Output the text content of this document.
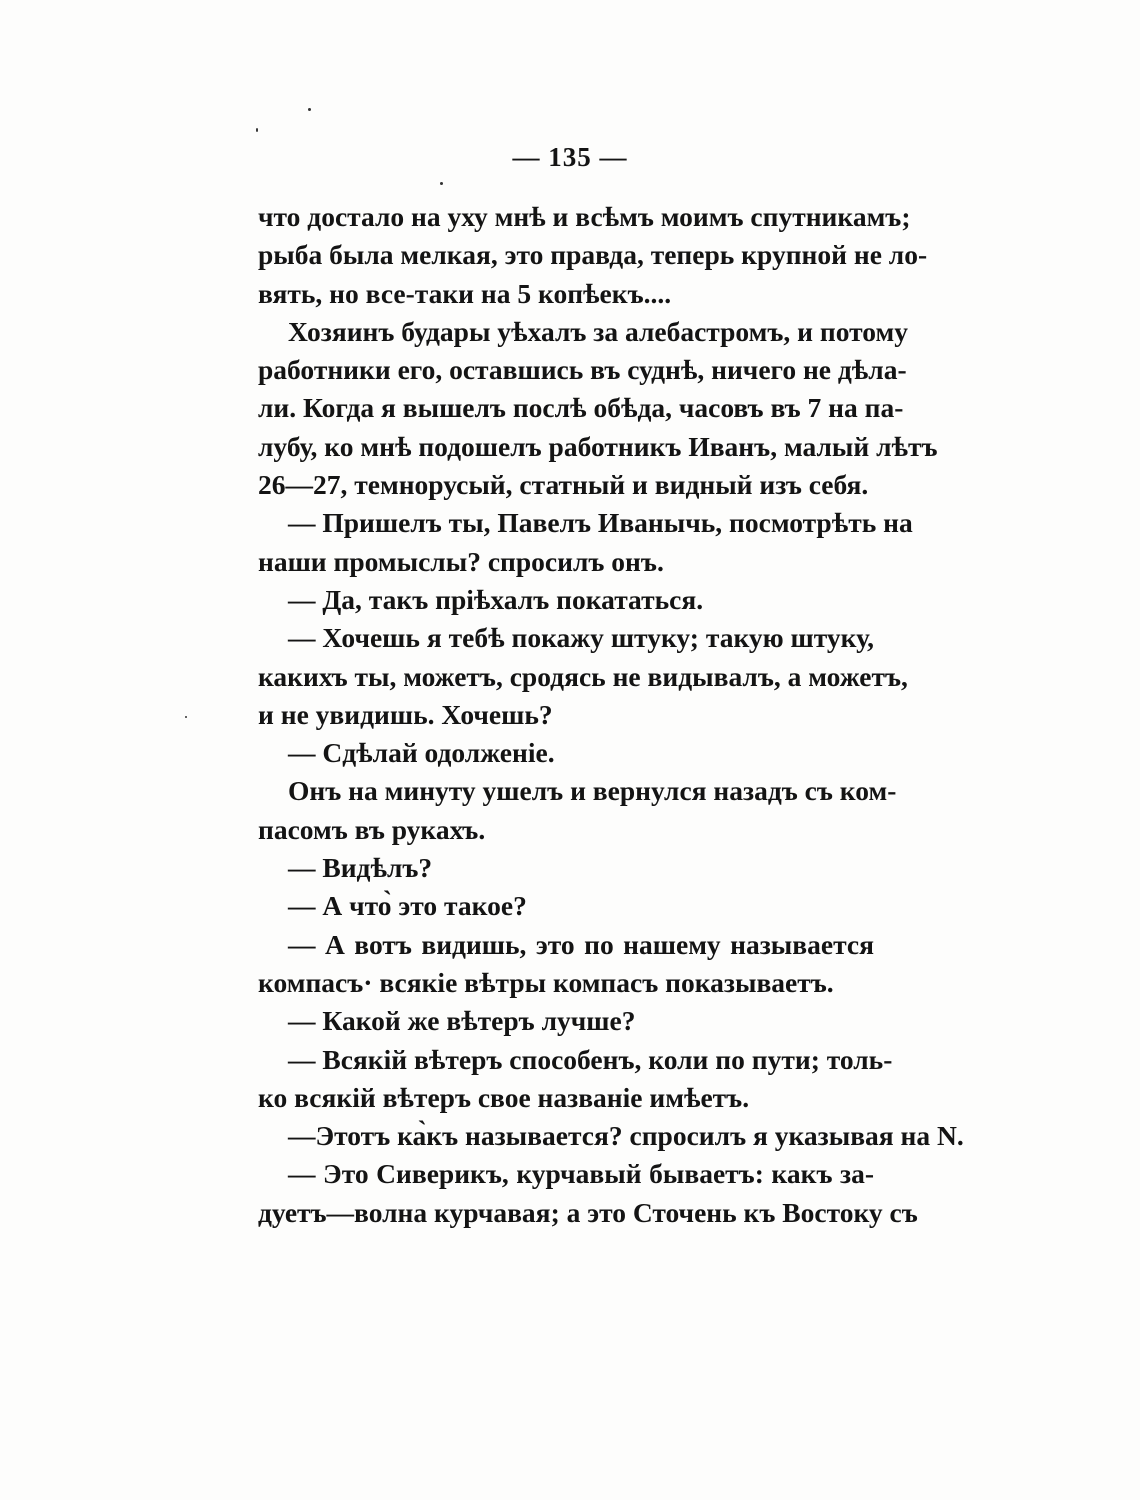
— 135 —
что достало на уху мнѣ и всѣмъ моимъ спутникамъ;
рыба была мелкая, это правда, теперь крупной не ло-
вять, но все-таки на 5 копѣекъ....
Хозяинъ будары уѣхалъ за алебастромъ, и потому
работники его, оставшись въ суднѣ, ничего не дѣла-
ли. Когда я вышелъ послѣ обѣда, часовъ въ 7 на па-
лубу, ко мнѣ подошелъ работникъ Иванъ, малый лѣтъ
26—27, темнорусый, статный и видный изъ себя.
— Пришелъ ты, Павелъ Иванычь, посмотрѣть на
наши промыслы? спросилъ онъ.
— Да, такъ пріѣхалъ покататься.
— Хочешь я тебѣ покажу штуку; такую штуку,
какихъ ты, можетъ, сродясь не видывалъ, а можетъ,
и не увидишь. Хочешь?
— Сдѣлай одолженіе.
Онъ на минуту ушелъ и вернулся назадъ съ ком-
пасомъ въ рукахъ.
— Видѣлъ?
— А что̀ это такое?
— А вотъ видишь, это по нашему называется
компасъ· всякіе вѣтры компасъ показываетъ.
— Какой же вѣтеръ лучше?
— Всякій вѣтеръ способенъ, коли по пути; толь-
ко всякій вѣтеръ свое названіе имѣетъ.
—Этотъ ка̀къ называется? спросилъ я указывая на N.
— Это Сиверикъ, курчавый бываетъ: какъ за-
дуетъ—волна курчавая; а это Сточень къ Востоку съ
